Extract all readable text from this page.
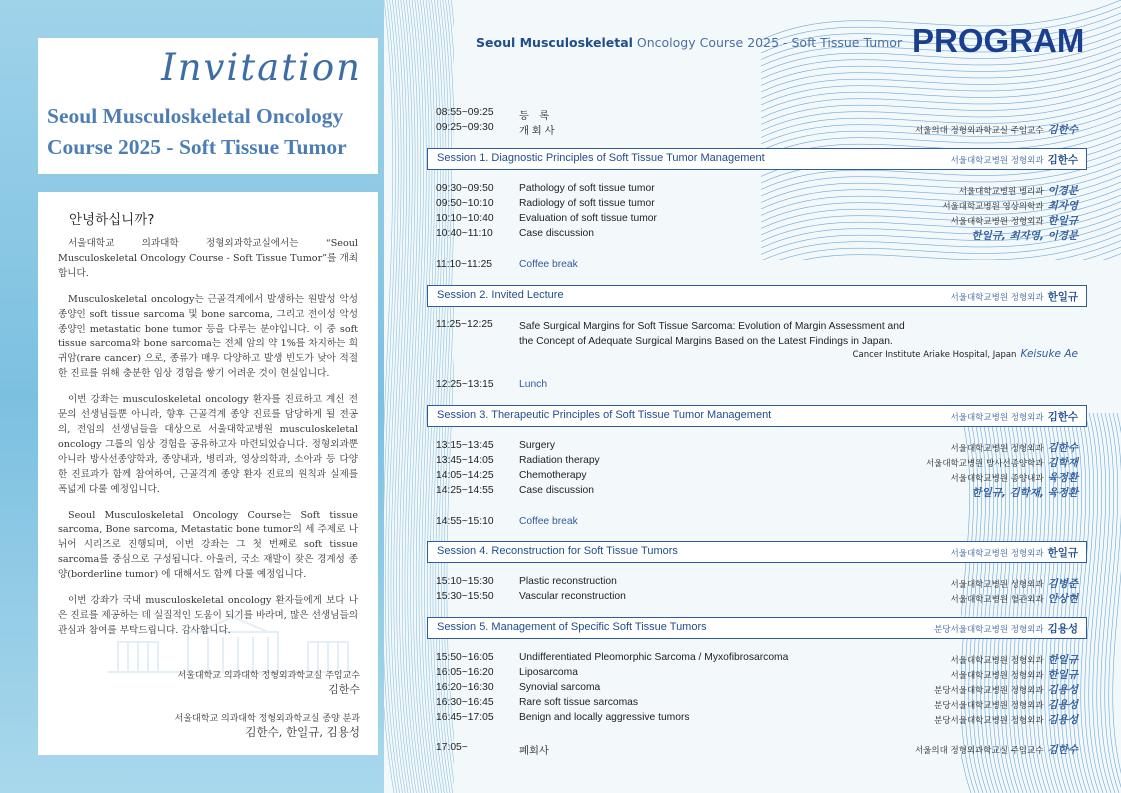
Invitation
Seoul Musculoskeletal Oncology Course 2025 - Soft Tissue Tumor
안녕하십니까?

서울대학교 의과대학 정형외과학교실에서는 “Seoul Musculoskeletal Oncology Course - Soft Tissue Tumor”를 개최합니다.

Musculoskeletal oncology는 근골격계에서 발생하는 원발성 악성 종양인 soft tissue sarcoma 및 bone sarcoma, 그리고 전이성 악성 종양인 metastatic bone tumor 등을 다루는 분야입니다. 이 중 soft tissue sarcoma와 bone sarcoma는 전체 암의 약 1%를 차지하는 희귀암(rare cancer) 으로, 종류가 매우 다양하고 발생 빈도가 낮아 적절한 진료를 위해 충분한 임상 경험을 쌓기 어려운 것이 현실입니다.

이번 강좌는 musculoskeletal oncology 환자를 진료하고 계신 전문의 선생님들뿐 아니라, 향후 근골격계 종양 진료를 담당하게 될 전공의, 전임의 선생님들을 대상으로 서울대학교병원 musculoskeletal oncology 그룹의 임상 경험을 공유하고자 마련되었습니다. 정형외과뿐 아니라 방사선종양학과, 종양내과, 병리과, 영상의학과, 소아과 등 다양한 진료과가 함께 참여하여, 근골격계 종양 환자 진료의 원칙과 실제를 폭넓게 다룰 예정입니다.

Seoul Musculoskeletal Oncology Course는 Soft tissue sarcoma, Bone sarcoma, Metastatic bone tumor의 세 주제로 나뉘어 시리즈로 진행되며, 이번 강좌는 그 첫 번째로 soft tissue sarcoma를 중심으로 구성됩니다. 아울러, 국소 재발이 잦은 경계성 종양(borderline tumor) 에 대해서도 함께 다룰 예정입니다.

이번 강좌가 국내 musculoskeletal oncology 환자들에게 보다 나은 진료를 제공하는 데 실질적인 도움이 되기를 바라며, 많은 선생님들의 관심과 참여를 부탁드립니다. 감사합니다.

서울대학교 의과대학 정형외과학교실 주임교수
김한수
서울대학교 의과대학 정형외과학교실 종양 분과
김한수, 한일규, 김용성
Seoul Musculoskeletal Oncology Course 2025 - Soft Tissue Tumor PROGRAM
08:55~09:25 등　록
09:25~09:30 개 회 사	서울의대 정형외과학교실 주임교수 김한수
Session 1. Diagnostic Principles of Soft Tissue Tumor Management	서울대학교병원 정형외과 김한수
09:30~09:50 Pathology of soft tissue tumor	서울대학교병원 병리과 이경분
09:50~10:10 Radiology of soft tissue tumor	서울대학교병원 영상의학과 최자영
10:10~10:40 Evaluation of soft tissue tumor	서울대학교병원 정형외과 한일규
10:40~11:10	Case discussion	한일규, 최자영, 이경분
11:10~11:25	Coffee break
Session 2. Invited Lecture	서울대학교병원 정형외과 한일규
11:25~12:25	Safe Surgical Margins for Soft Tissue Sarcoma: Evolution of Margin Assessment and
the Concept of Adequate Surgical Margins Based on the Latest Findings in Japan.
Cancer Institute Ariake Hospital, Japan Keisuke Ae
12:25~13:15 Lunch
Session 3. Therapeutic Principles of Soft Tissue Tumor Management	서울대학교병원 정형외과 김한수
13:15~13:45 Surgery	서울대학교병원 정형외과 김한수
13:45~14:05 Radiation therapy	서울대학교병원 방사선종양학과 김학재
14:05~14:25 Chemotherapy	서울대학교병원 종양내과 육정환
14:25~14:55 Case discussion	한일규, 김학재, 육정환
14:55~15:10 Coffee break
Session 4. Reconstruction for Soft Tissue Tumors	서울대학교병원 정형외과 한일규
15:10~15:30 Plastic reconstruction	서울대학교병원 성형외과 김병준
15:30~15:50 Vascular reconstruction	서울대학교병원 혈관외과 안상현
Session 5. Management of Specific Soft Tissue Tumors	분당서울대학교병원 정형외과 김용성
15:50~16:05 Undifferentiated Pleomorphic Sarcoma / Myxofibrosarcoma	서울대학교병원 정형외과 한일규
16:05~16:20 Liposarcoma	서울대학교병원 정형외과 한일규
16:20~16:30 Synovial sarcoma	분당서울대학교병원 정형외과 김용성
16:30~16:45 Rare soft tissue sarcomas	분당서울대학교병원 정형외과 김용성
16:45~17:05 Benign and locally aggressive tumors	분당서울대학교병원 정형외과 김용성
17:05~	폐회사	서울의대 정형외과학교실 주임교수 김한수
